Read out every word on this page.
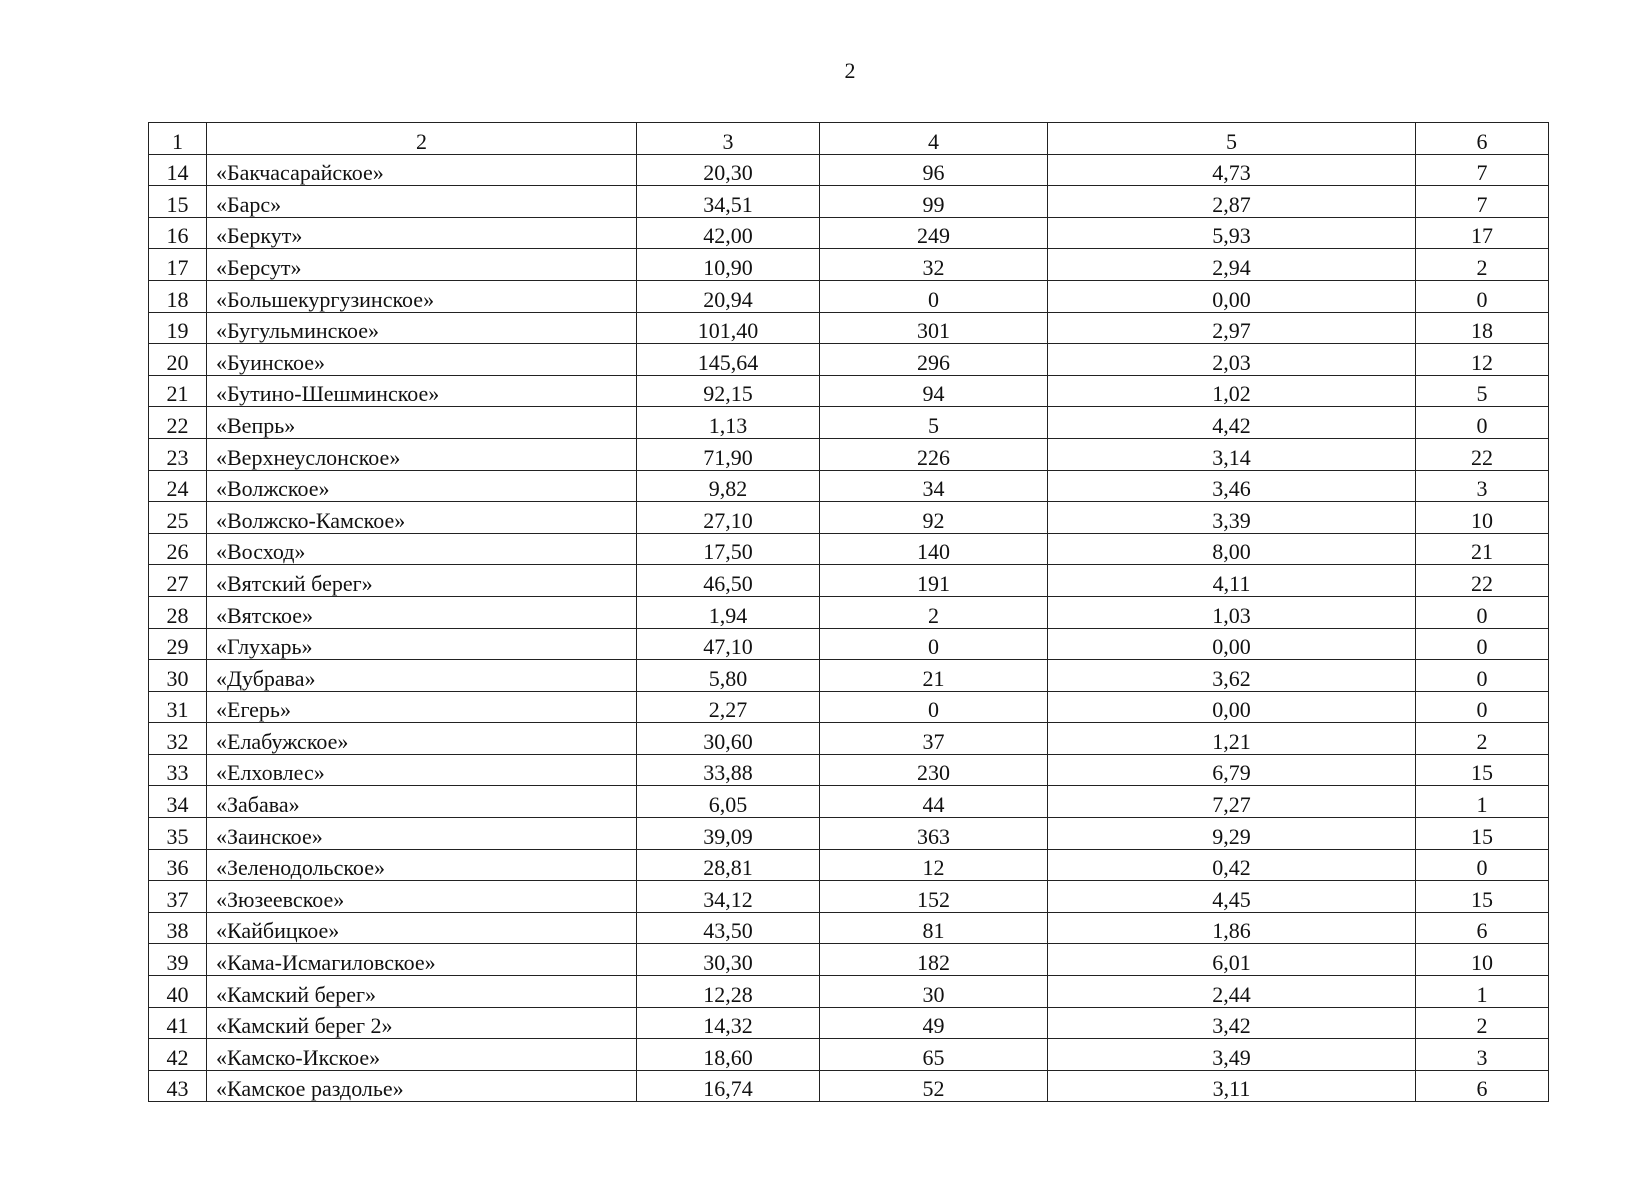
2
1	2	3	4	5	6
14	«Бакчасарайское»	20,30	96	4,73	7
15	«Барс»	34,51	99	2,87	7
16	«Беркут»	42,00	249	5,93	17
17	«Берсут»	10,90	32	2,94	2
18	«Большекургузинское»	20,94	0	0,00	0
19	«Бугульминское»	101,40	301	2,97	18
20	«Буинское»	145,64	296	2,03	12
21	«Бутино-Шешминское»	92,15	94	1,02	5
22	«Вепрь»	1,13	5	4,42	0
23	«Верхнеуслонское»	71,90	226	3,14	22
24	«Волжское»	9,82	34	3,46	3
25	«Волжско-Камское»	27,10	92	3,39	10
26	«Восход»	17,50	140	8,00	21
27	«Вятский берег»	46,50	191	4,11	22
28	«Вятское»	1,94	2	1,03	0
29	«Глухарь»	47,10	0	0,00	0
30	«Дубрава»	5,80	21	3,62	0
31	«Егерь»	2,27	0	0,00	0
32	«Елабужское»	30,60	37	1,21	2
33	«Елховлес»	33,88	230	6,79	15
34	«Забава»	6,05	44	7,27	1
35	«Заинское»	39,09	363	9,29	15
36	«Зеленодольское»	28,81	12	0,42	0
37	«Зюзеевское»	34,12	152	4,45	15
38	«Кайбицкое»	43,50	81	1,86	6
39	«Кама-Исмагиловское»	30,30	182	6,01	10
40	«Камский берег»	12,28	30	2,44	1
41	«Камский берег 2»	14,32	49	3,42	2
42	«Камско-Икское»	18,60	65	3,49	3
43	«Камское раздолье»	16,74	52	3,11	6
